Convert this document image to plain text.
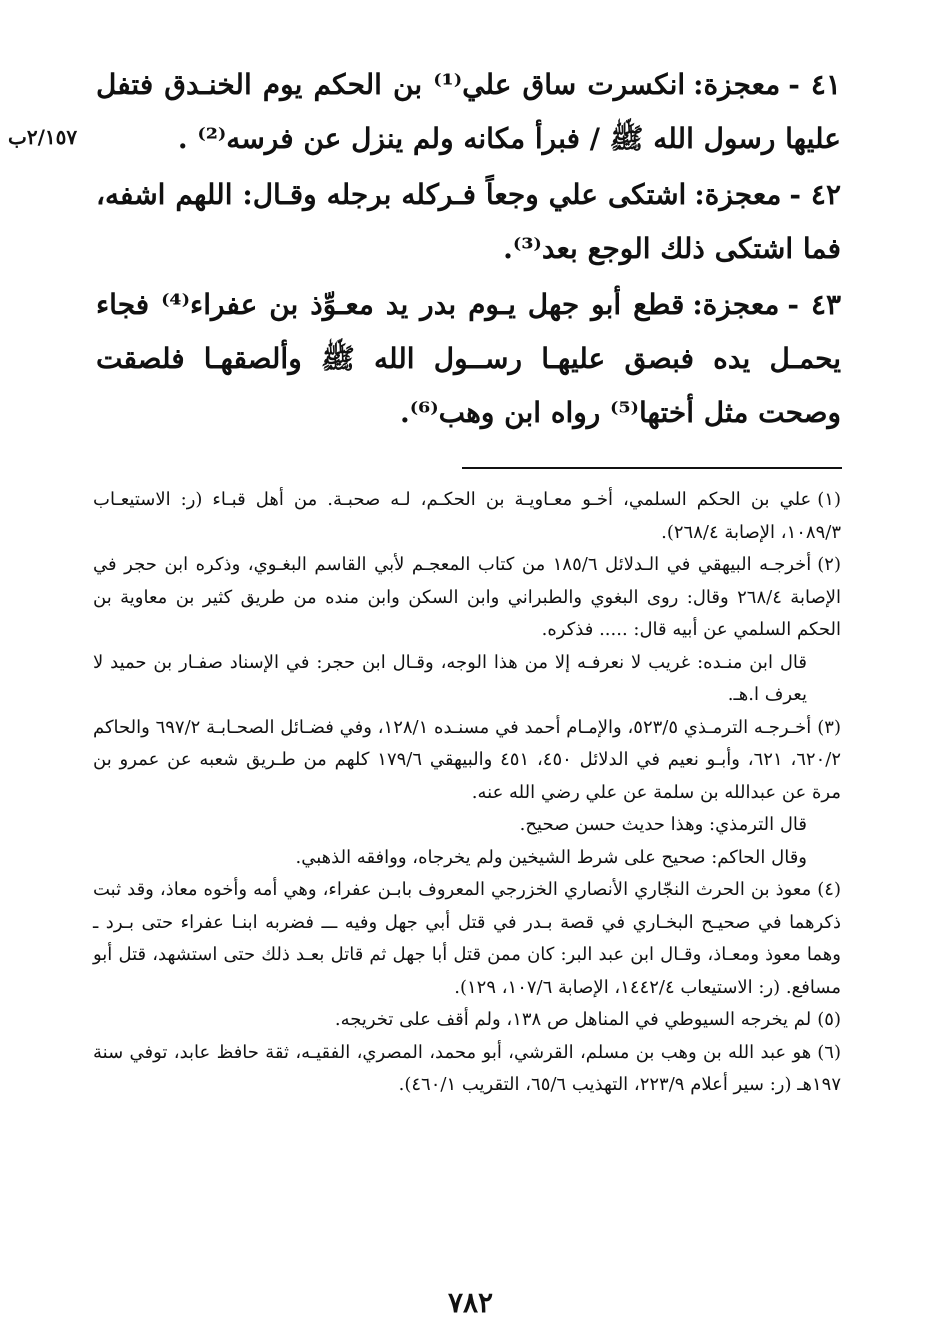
٢/١٥٧ب

٤١ -معجزة:انكسرت ساق علي⁽¹⁾ بن الحكم يوم الخنـدق فتفل عليها رسول الله ﷺ / فبرأ مكانه ولم ينزل عن فرسه⁽²⁾ .

٤٢ -معجزة:اشتكى علي وجعاً فـركله برجله وقـال: اللهم اشفه، فما اشتكى ذلك الوجع بعد⁽³⁾.

٤٣ -معجزة:قطع أبو جهل يـوم بدر يد معـوِّذ بن عفراء⁽⁴⁾ فجاء يحمـل يده فبصق عليهـا رســول الله ﷺ وألصقهـا فلصقت وصحت مثل أختها⁽⁵⁾ رواه ابن وهب⁽⁶⁾.

(١)علي بن الحكم السلمي، أخـو معـاويـة بن الحكـم، لـه صحبـة. من أهل قبـاء (ر: الاستيعـاب ١٠٨٩/٣، الإصابة ٢٦٨/٤).

(٢)أخرجـه البيهقي في الـدلائل ١٨٥/٦ من كتاب المعجـم لأبي القاسم البغـوي، وذكره ابن حجر في الإصابة ٢٦٨/٤ وقال: روى البغوي والطبراني وابن السكن وابن منده من طريق كثير بن معاوية بن الحكم السلمي عن أبيه قال: ..... فذكره.

قال ابن منـده: غريب لا نعرفـه إلا من هذا الوجه، وقـال ابن حجر: في الإسناد صفـار بن حميد لا يعرف ا.هـ.

(٣)أخـرجـه الترمـذي ٥٢٣/٥، والإمـام أحمد في مسنـده ١٢٨/١، وفي فضـائل الصحـابـة ٦٩٧/٢ والحاكم ٦٢٠/٢، ٦٢١، وأبـو نعيم في الدلائل ٤٥٠، ٤٥١ والبيهقي ١٧٩/٦ كلهم من طـريق شعبه عن عمرو بن مرة عن عبدالله بن سلمة عن علي رضي الله عنه.

قال الترمذي: وهذا حديث حسن صحيح.

وقال الحاكم: صحيح على شرط الشيخين ولم يخرجاه، ووافقه الذهبي.

(٤)معوذ بن الحرث النجّاري الأنصاري الخزرجي المعروف بابـن عفراء، وهي أمه وأخوه معاذ، وقد ثبت ذكرهما في صحيـح البخـاري في قصة بـدر في قتل أبي جهل وفيه ـــ فضربه ابنـا عفراء حتى بـرد ـ وهما معوذ ومعـاذ، وقـال ابن عبد البر: كان ممن قتل أبا جهل ثم قاتل بعـد ذلك حتى استشهد، قتل أبو مسافع. (ر: الاستيعاب ١٤٤٢/٤، الإصابة ١٠٧/٦، ١٢٩).

(٥)لم يخرجه السيوطي في المناهل ص ١٣٨، ولم أقف على تخريجه.

(٦)هو عبد الله بن وهب بن مسلم، القرشي، أبو محمد، المصري، الفقيـه، ثقة حافظ عابد، توفي سنة ١٩٧هـ (ر: سير أعلام ٢٢٣/٩، التهذيب ٦٥/٦، التقريب ٤٦٠/١).

٧٨٢
